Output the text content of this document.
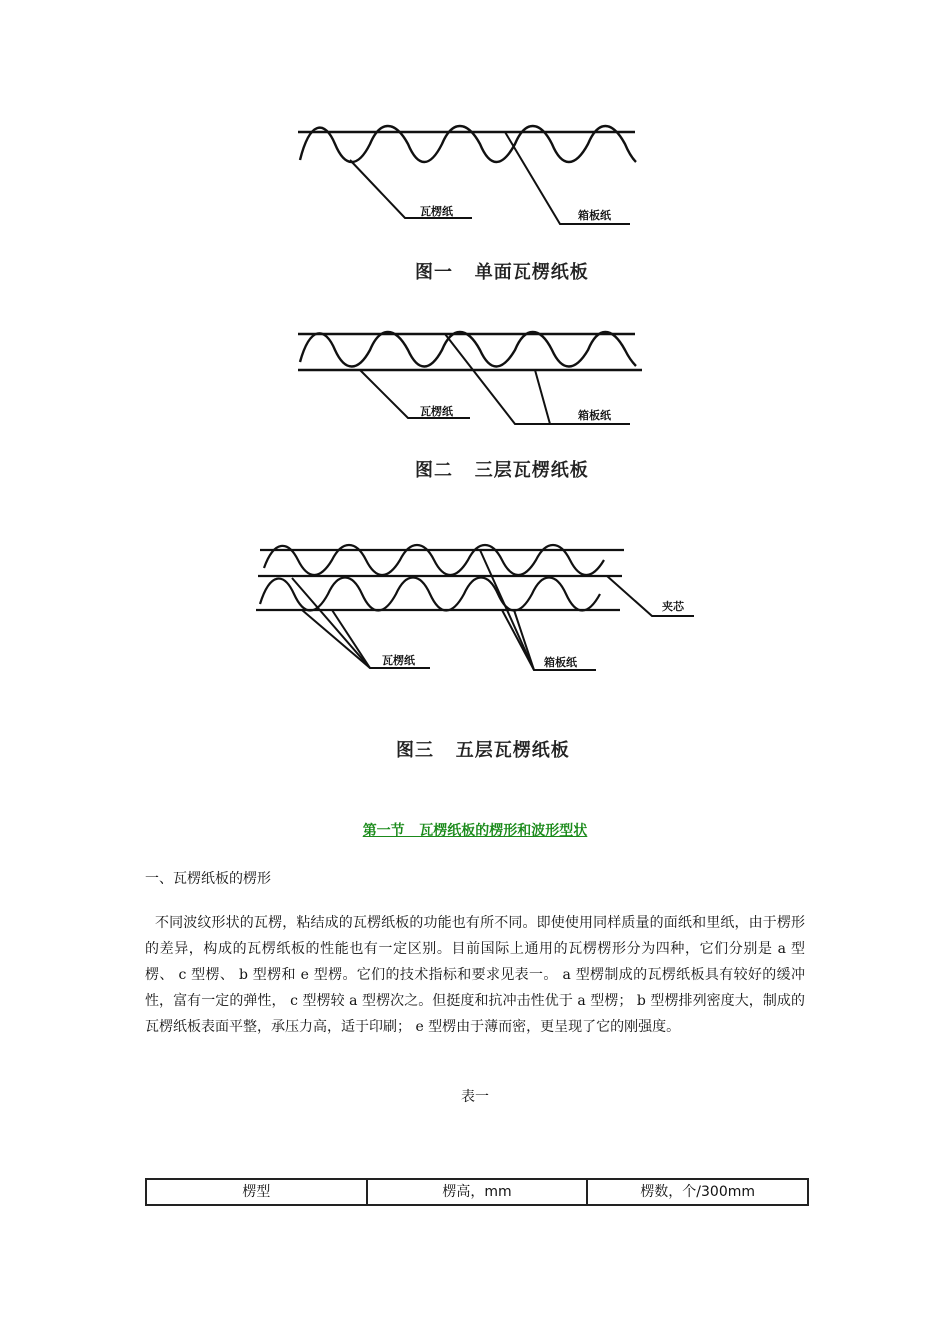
瓦楞纸	箱板纸
图一   单面瓦楞纸板
瓦楞纸	箱板纸
图二   三层瓦楞纸板
瓦楞纸	箱板纸
夹芯
图三   五层瓦楞纸板
第一节   瓦楞纸板的楞形和波形型状
一、瓦楞纸板的楞形
不同波纹形状的瓦楞，粘结成的瓦楞纸板的功能也有所不同。即使使用同样质量的面纸和里纸，由于楞形的差异，构成的瓦楞纸板的性能也有一定区别。目前国际上通用的瓦楞楞形分为四种，它们分别是 a 型楞、 c 型楞、 b 型楞和 e 型楞。它们的技术指标和要求见表一。 a 型楞制成的瓦楞纸板具有较好的缓冲性，富有一定的弹性， c 型楞较 a 型楞次之。但挺度和抗冲击性优于 a 型楞； b 型楞排列密度大，制成的瓦楞纸板表面平整，承压力高，适于印刷； e 型楞由于薄而密，更呈现了它的刚强度。
表一
楞型	楞高，mm	楞数，个/300mm
